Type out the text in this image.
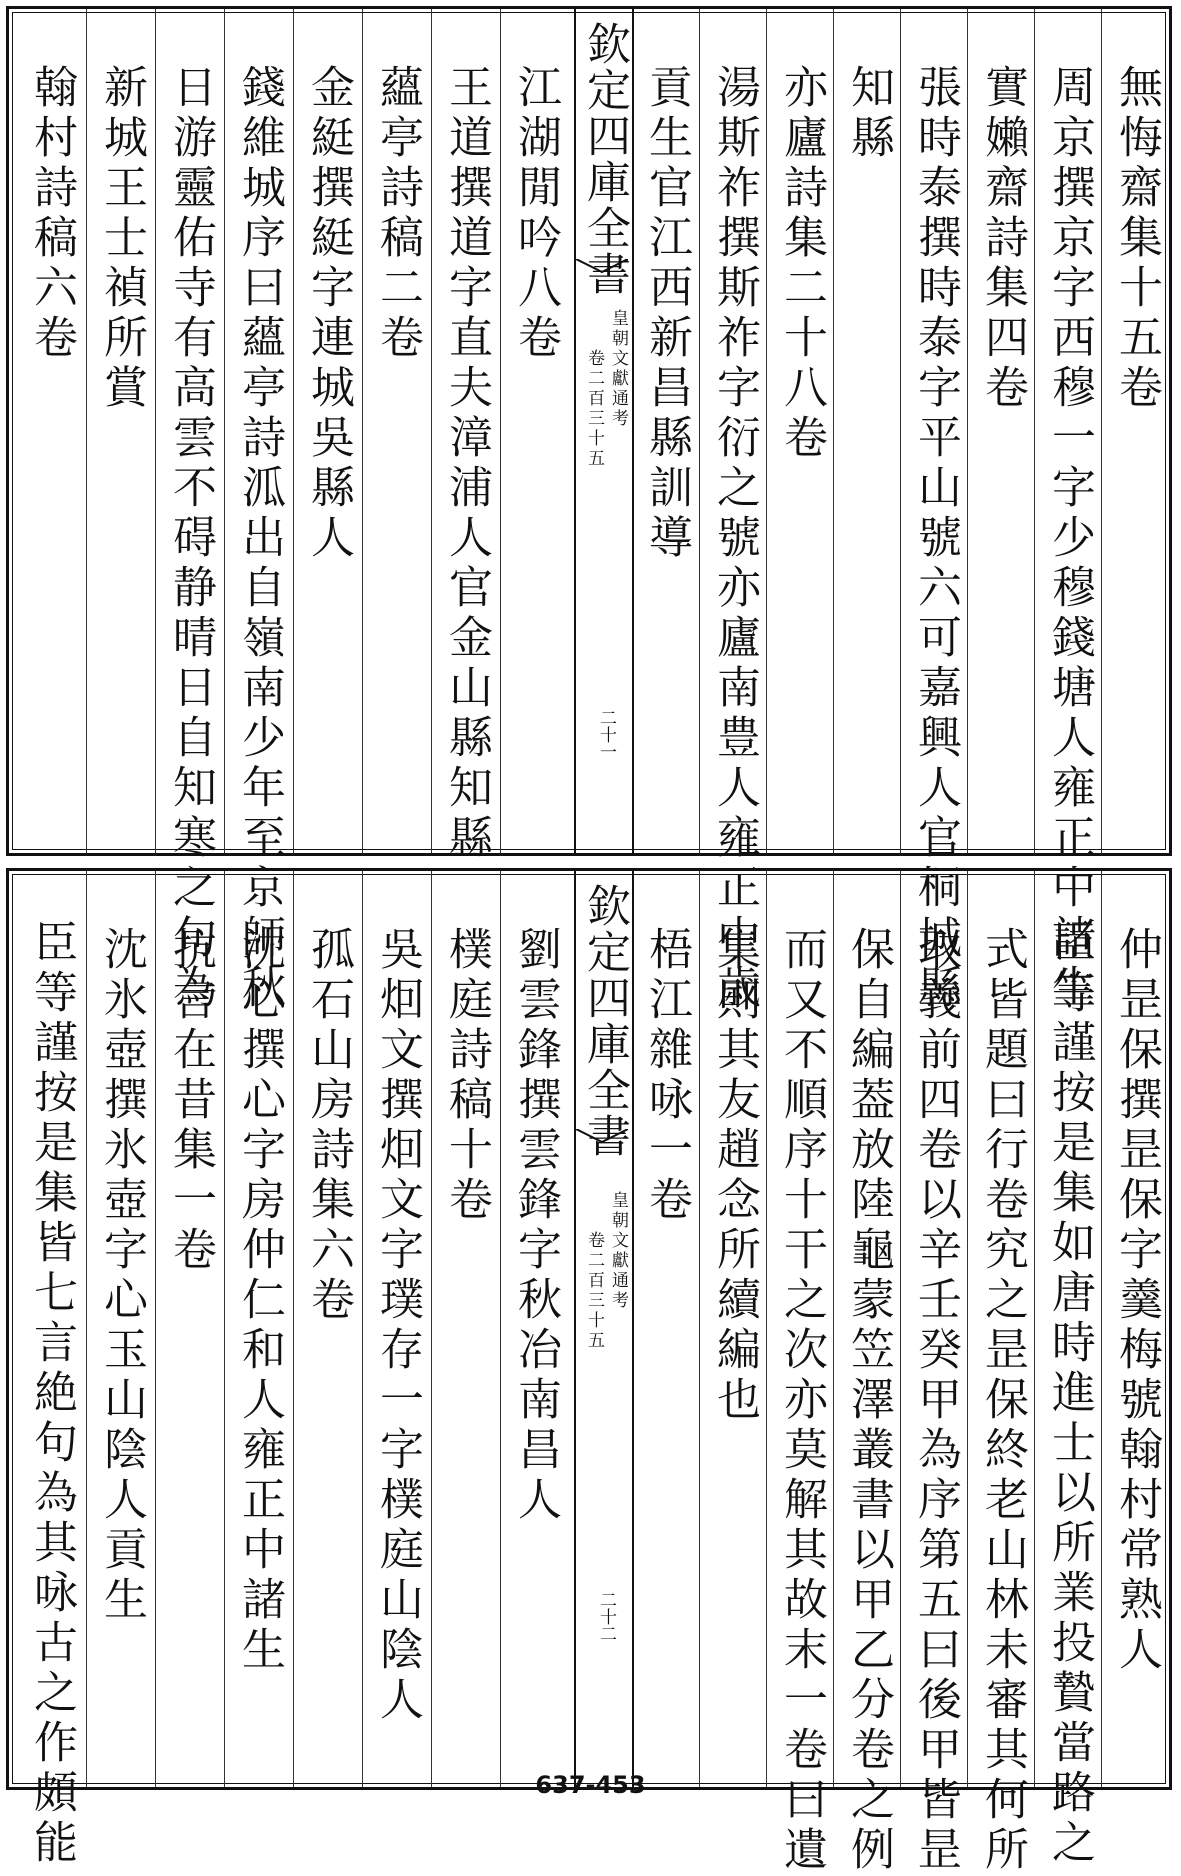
翰村詩稿六卷 新城王士禎所賞 日游靈佑寺有高雲不碍静晴日自知寒之句為 錢維城序曰蘊亭詩泒出自嶺南少年至京師秋 金綎撰綎字連城吳縣人 蘊亭詩稿二卷 王道撰道字直夫漳浦人官金山縣知縣 江湖閒吟八卷 欽定四庫全書
皇朝文獻通考
卷二百三十五
二十一
貢生官江西新昌縣訓導 湯斯祚撰斯祚字衍之號亦廬南豊人雍正中歳 亦廬詩集二十八卷 知縣 張時泰撰時泰字平山號六可嘉興人官桐城縣 實嬾齋詩集四卷 周京撰京字西穆一字少穆錢塘人雍正中諸生 無悔齋集十五卷
臣等謹按是集皆七言絶句為其咏古之作頗能 沈氷壺撰氷壺字心玉山陰人貢生 抗言在昔集一卷 沈心撰心字房仲仁和人雍正中諸生 孤石山房詩集六卷 吳𤇆文撰𤇆文字璞存一字樸庭山陰人 樸庭詩稿十卷 劉雲鋒撰雲鋒字秋冶南昌人 欽定四庫全書
皇朝文獻通考
卷二百三十五
二十二
梧江雜咏一卷 集則其友趙念所續編也 而又不順序十干之次亦莫解其故末一卷曰遺 保自編葢放陸龜蒙笠澤叢書以甲乙分卷之例 取義前四卷以辛壬癸甲為序第五曰後甲皆昰 式皆題曰行卷究之昰保終老山林未審其何所 臣等謹按是集如唐時進士以所業投贄當路之 仲昰保撰昰保字羹梅號翰村常熟人
637-453
